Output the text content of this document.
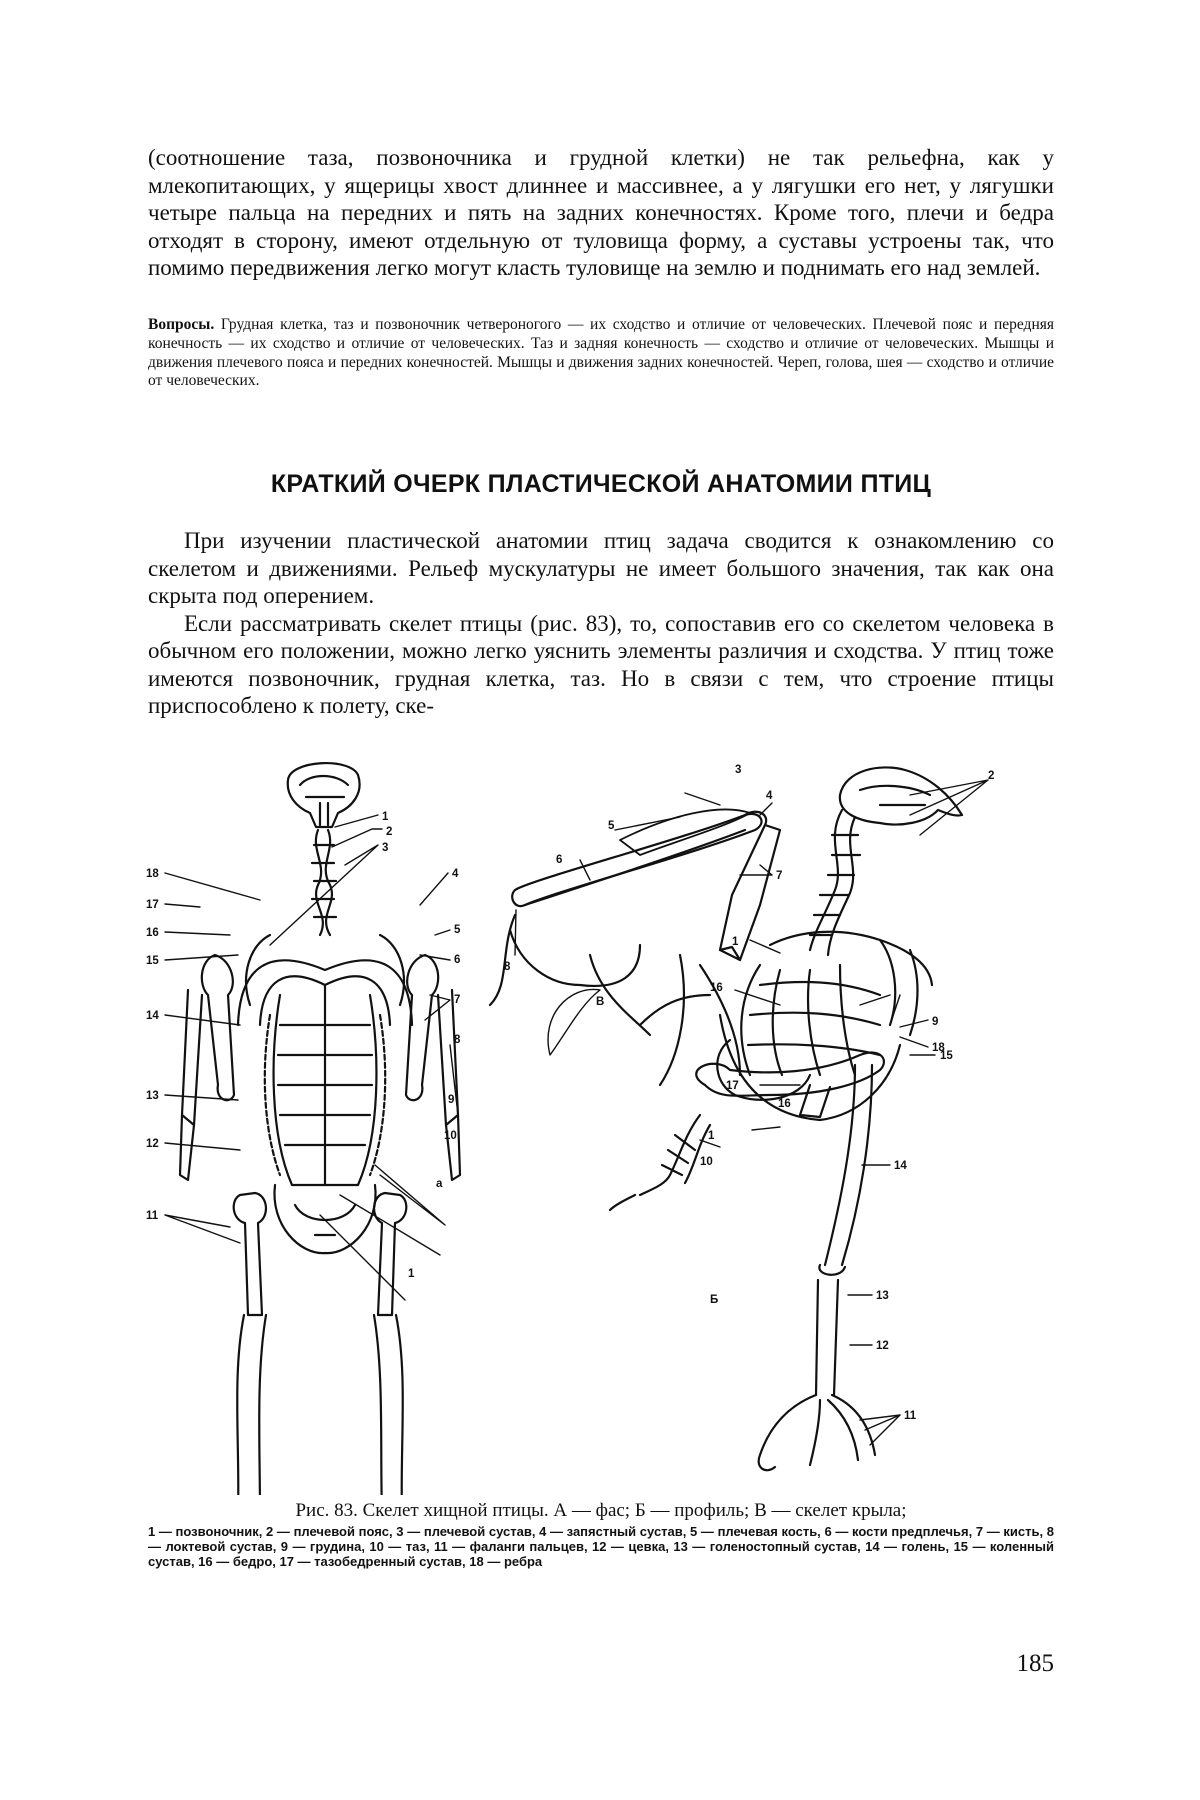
(соотношение таза, позвоночника и грудной клетки) не так рельефна, как у млекопитающих, у ящерицы хвост длиннее и массивнее, а у лягушки его нет, у лягушки четыре пальца на передних и пять на задних конечностях. Кроме того, плечи и бедра отходят в сторону, имеют отдельную от туловища форму, а суставы устроены так, что помимо передвижения легко могут класть туловище на землю и поднимать его над землей.

Вопросы. Грудная клетка, таз и позвоночник четвероногого — их сходство и отличие от человеческих. Плечевой пояс и передняя конечность — их сходство и отличие от человеческих. Таз и задняя конечность — сходство и отличие от человеческих. Мышцы и движения плечевого пояса и передних конечностей. Мышцы и движения задних конечностей. Череп, голова, шея — сходство и отличие от человеческих.

КРАТКИЙ ОЧЕРК ПЛАСТИЧЕСКОЙ АНАТОМИИ ПТИЦ

При изучении пластической анатомии птиц задача сводится к ознакомлению со скелетом и движениями. Рельеф мускулатуры не имеет большого значения, так как она скрыта под оперением.

Если рассматривать скелет птицы (рис. 83), то, сопоставив его со скелетом человека в обычном его положении, можно легко уяснить элементы различия и сходства. У птиц тоже имеются позвоночник, грудная клетка, таз. Но в связи с тем, что строение птицы приспособлено к полету, ске-

1
2
3
4
5
6
7
8
9
10
1
18
17
16
15
14
13
12
11
а
5
3
4
6
7
8
В
2
1
16
9
18
15
17
16
1
10	14
13
12
11
Б

Рис. 83. Скелет хищной птицы. А — фас; Б — профиль; В — скелет крыла;

1 — позвоночник, 2 — плечевой пояс, 3 — плечевой сустав, 4 — запястный сустав, 5 — плечевая кость, 6 — кости предплечья, 7 — кисть, 8 — локтевой сустав, 9 — грудина, 10 — таз, 11 — фаланги пальцев, 12 — цевка, 13 — голеностопный сустав, 14 — голень, 15 — коленный сустав, 16 — бедро, 17 — тазобедренный сустав, 18 — ребра

185
